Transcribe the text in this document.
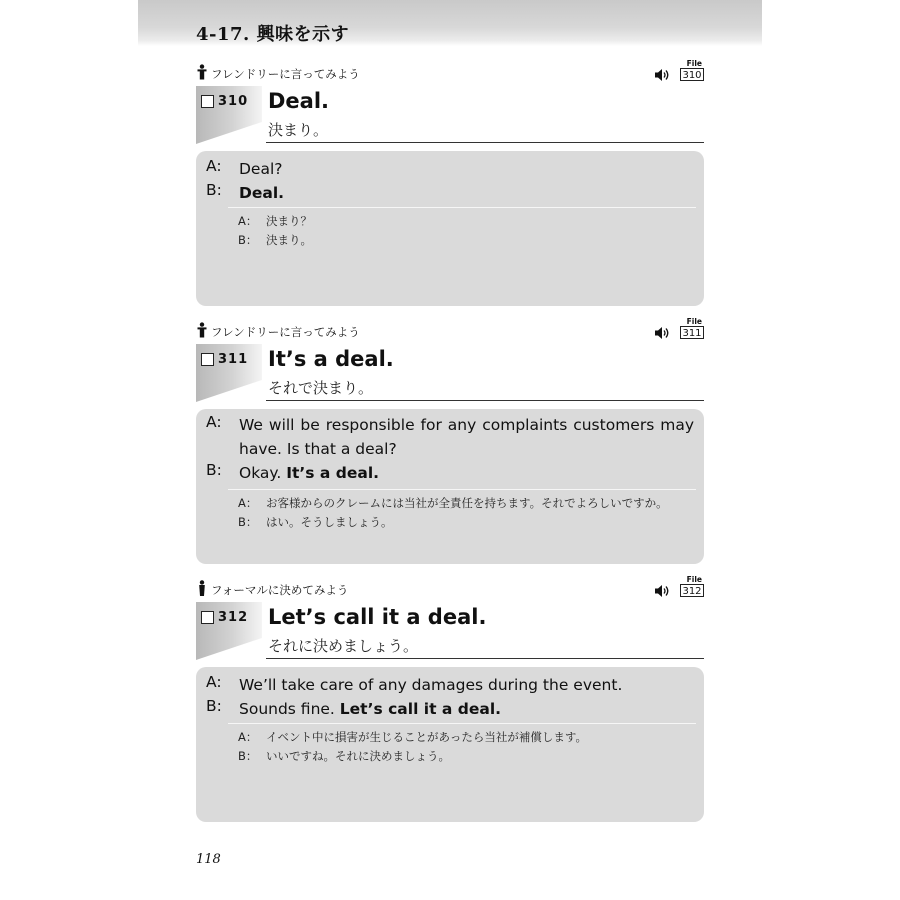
4-17. 興味を示す
フレンドリーに言ってみよう
File
310
310 Deal.
決まり。
A: Deal?
B: Deal.
A： 決まり？
B： 決まり。
フレンドリーに言ってみよう
File
311
311 It’s a deal.
それで決まり。
A: We will be responsible for any complaints customers may have. Is that a deal?
B: Okay. It’s a deal.
A： お客様からのクレームには当社が全責任を持ちます。それでよろしいですか。
B： はい。そうしましょう。
フォーマルに決めてみよう
File
312
312 Let’s call it a deal.
それに決めましょう。
A: We’ll take care of any damages during the event.
B: Sounds fine. Let’s call it a deal.
A： イベント中に損害が生じることがあったら当社が補償します。
B： いいですね。それに決めましょう。
118
